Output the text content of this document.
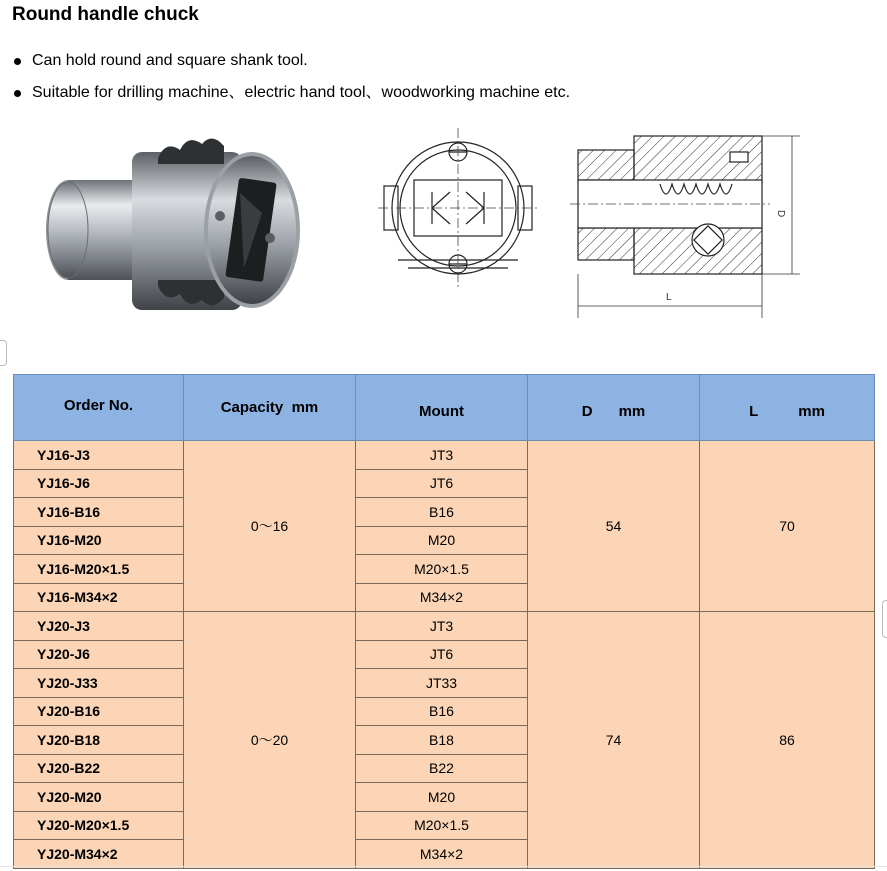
Round handle chuck
Can hold round and square shank tool.
Suitable for drilling machine、electric hand tool、woodworking machine etc.
L
D
Order No.	Capacity mm	Mount	D mm	L mm
YJ16-J3	0～16	JT3	54	70
YJ16-J6		JT6		
YJ16-B16		B16		
YJ16-M20		M20		
YJ16-M20×1.5		M20×1.5		
YJ16-M34×2		M34×2		
YJ20-J3	0～20	JT3	74	86
YJ20-J6		JT6		
YJ20-J33		JT33		
YJ20-B16		B16		
YJ20-B18		B18		
YJ20-B22		B22		
YJ20-M20		M20		
YJ20-M20×1.5		M20×1.5		
YJ20-M34×2		M34×2		
